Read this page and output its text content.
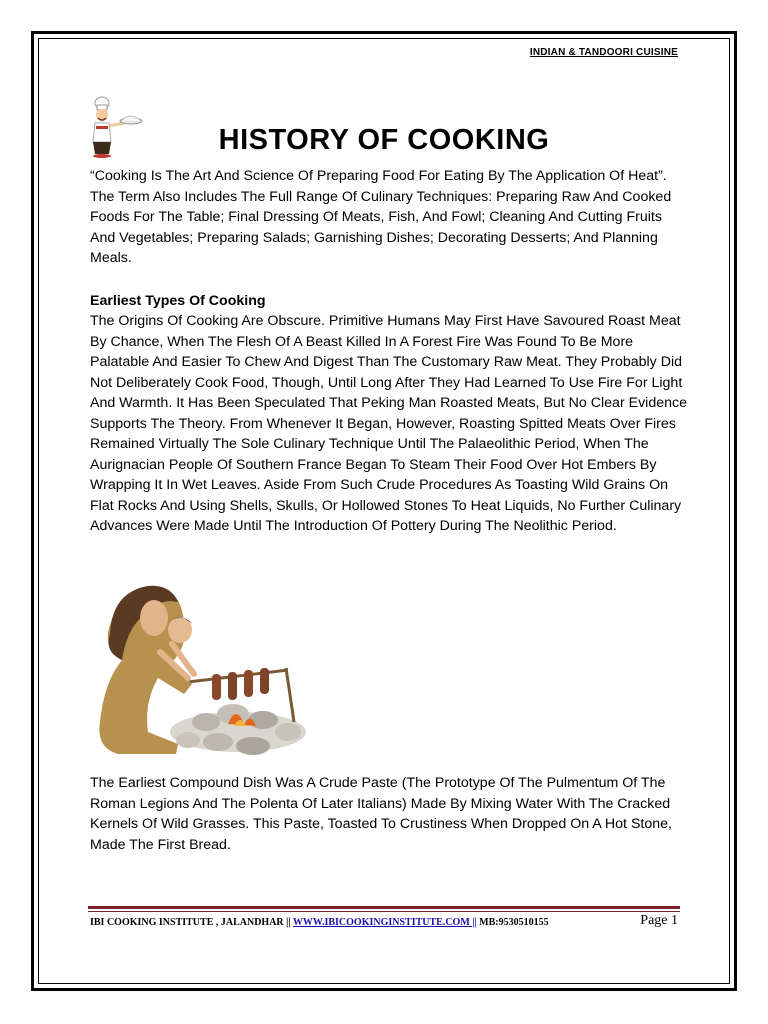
INDIAN & TANDOORI CUISINE
HISTORY OF COOKING
“Cooking Is The Art And Science Of Preparing Food For Eating By The Application Of Heat”. The Term Also Includes The Full Range Of Culinary Techniques: Preparing Raw And Cooked Foods For The Table; Final Dressing Of Meats, Fish, And Fowl; Cleaning And Cutting Fruits And Vegetables; Preparing Salads; Garnishing Dishes; Decorating Desserts; And Planning Meals.
Earliest Types Of Cooking
The Origins Of Cooking Are Obscure. Primitive Humans May First Have Savoured Roast Meat By Chance, When The Flesh Of A Beast Killed In A Forest Fire Was Found To Be More Palatable And Easier To Chew And Digest Than The Customary Raw Meat. They Probably Did Not Deliberately Cook Food, Though, Until Long After They Had Learned To Use Fire For Light And Warmth. It Has Been Speculated That Peking Man Roasted Meats, But No Clear Evidence Supports The Theory. From Whenever It Began, However, Roasting Spitted Meats Over Fires Remained Virtually The Sole Culinary Technique Until The Palaeolithic Period, When The Aurignacian People Of Southern France Began To Steam Their Food Over Hot Embers By Wrapping It In Wet Leaves. Aside From Such Crude Procedures As Toasting Wild Grains On Flat Rocks And Using Shells, Skulls, Or Hollowed Stones To Heat Liquids, No Further Culinary Advances Were Made Until The Introduction Of Pottery During The Neolithic Period.
The Earliest Compound Dish Was A Crude Paste (The Prototype Of The Pulmentum Of The Roman Legions And The Polenta Of Later Italians) Made By Mixing Water With The Cracked Kernels Of Wild Grasses. This Paste, Toasted To Crustiness When Dropped On A Hot Stone, Made The First Bread.
IBI COOKING INSTITUTE , JALANDHAR || WWW.IBICOOKINGINSTITUTE.COM || MB:9530510155	Page 1
